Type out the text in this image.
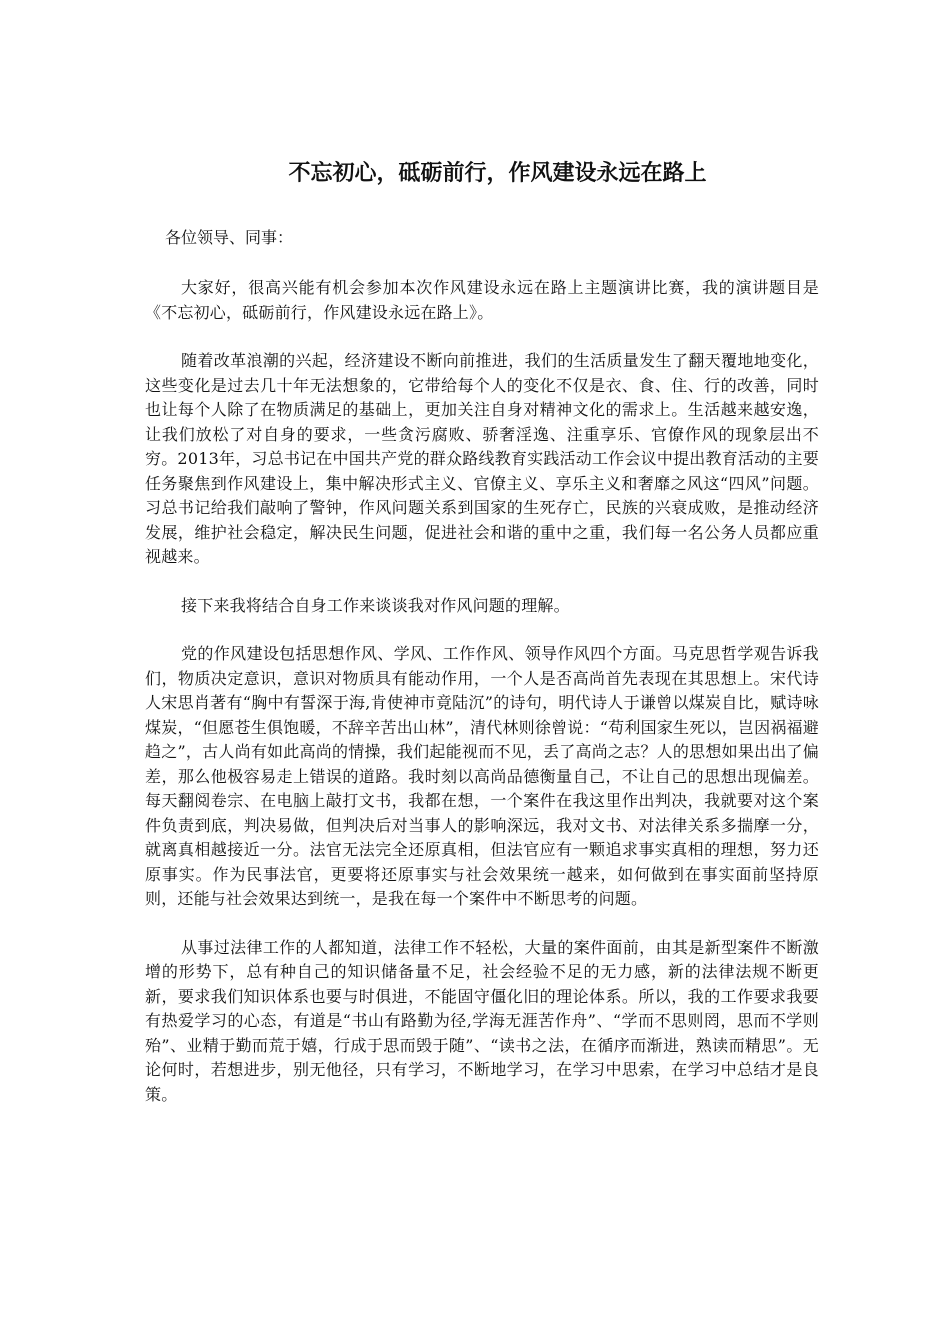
不忘初心，砥砺前行，作风建设永远在路上

各位领导、同事：

大家好，很高兴能有机会参加本次作风建设永远在路上主题演讲比赛，我的演讲题目是《不忘初心，砥砺前行，作风建设永远在路上》。

随着改革浪潮的兴起，经济建设不断向前推进，我们的生活质量发生了翻天覆地地变化，这些变化是过去几十年无法想象的，它带给每个人的变化不仅是衣、食、住、行的改善，同时也让每个人除了在物质满足的基础上，更加关注自身对精神文化的需求上。生活越来越安逸，让我们放松了对自身的要求，一些贪污腐败、骄奢淫逸、注重享乐、官僚作风的现象层出不穷。2013年，习总书记在中国共产党的群众路线教育实践活动工作会议中提出教育活动的主要任务聚焦到作风建设上，集中解决形式主义、官僚主义、享乐主义和奢靡之风这“四风”问题。习总书记给我们敲响了警钟，作风问题关系到国家的生死存亡，民族的兴衰成败，是推动经济发展，维护社会稳定，解决民生问题，促进社会和谐的重中之重，我们每一名公务人员都应重视越来。

接下来我将结合自身工作来谈谈我对作风问题的理解。

党的作风建设包括思想作风、学风、工作作风、领导作风四个方面。马克思哲学观告诉我们，物质决定意识，意识对物质具有能动作用，一个人是否高尚首先表现在其思想上。宋代诗人宋思肖著有“胸中有誓深于海,肯使神市竟陆沉”的诗句，明代诗人于谦曾以煤炭自比，赋诗咏煤炭，“但愿苍生俱饱暖，不辞辛苦出山林”，清代林则徐曾说：“苟利国家生死以，岂因祸福避趋之”，古人尚有如此高尚的情操，我们起能视而不见，丢了高尚之志？人的思想如果出出了偏差，那么他极容易走上错误的道路。我时刻以高尚品德衡量自己，不让自己的思想出现偏差。每天翻阅卷宗、在电脑上敲打文书，我都在想，一个案件在我这里作出判决，我就要对这个案件负责到底，判决易做，但判决后对当事人的影响深远，我对文书、对法律关系多揣摩一分，就离真相越接近一分。法官无法完全还原真相，但法官应有一颗追求事实真相的理想，努力还原事实。作为民事法官，更要将还原事实与社会效果统一越来，如何做到在事实面前坚持原则，还能与社会效果达到统一，是我在每一个案件中不断思考的问题。

从事过法律工作的人都知道，法律工作不轻松，大量的案件面前，由其是新型案件不断激增的形势下，总有种自己的知识储备量不足，社会经验不足的无力感，新的法律法规不断更新，要求我们知识体系也要与时俱进，不能固守僵化旧的理论体系。所以，我的工作要求我要有热爱学习的心态，有道是“书山有路勤为径,学海无涯苦作舟”、“学而不思则罔，思而不学则殆”、业精于勤而荒于嬉，行成于思而毁于随”、“读书之法，在循序而渐进，熟读而精思”。无论何时，若想进步，别无他径，只有学习，不断地学习，在学习中思索，在学习中总结才是良策。
